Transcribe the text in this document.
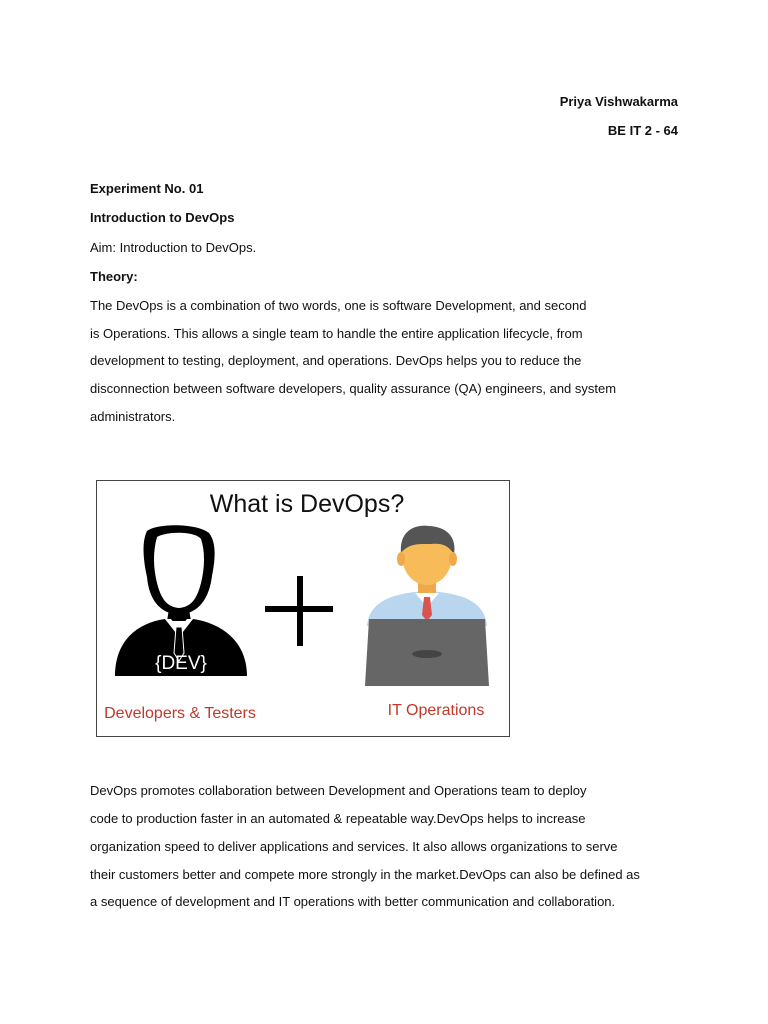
Priya Vishwakarma
BE IT 2 - 64
Experiment No. 01
Introduction to DevOps
Aim: Introduction to DevOps.
Theory:
The DevOps is a combination of two words, one is software Development, and second
is Operations. This allows a single team to handle the entire application lifecycle, from
development to testing, deployment, and operations. DevOps helps you to reduce the
disconnection between software developers, quality assurance (QA) engineers, and system
administrators.
What is DevOps?
{DEV}
Developers & Testers	IT Operations
DevOps promotes collaboration between Development and Operations team to deploy
code to production faster in an automated & repeatable way.DevOps helps to increase
organization speed to deliver applications and services. It also allows organizations to serve
their customers better and compete more strongly in the market.DevOps can also be defined as
a sequence of development and IT operations with better communication and collaboration.
